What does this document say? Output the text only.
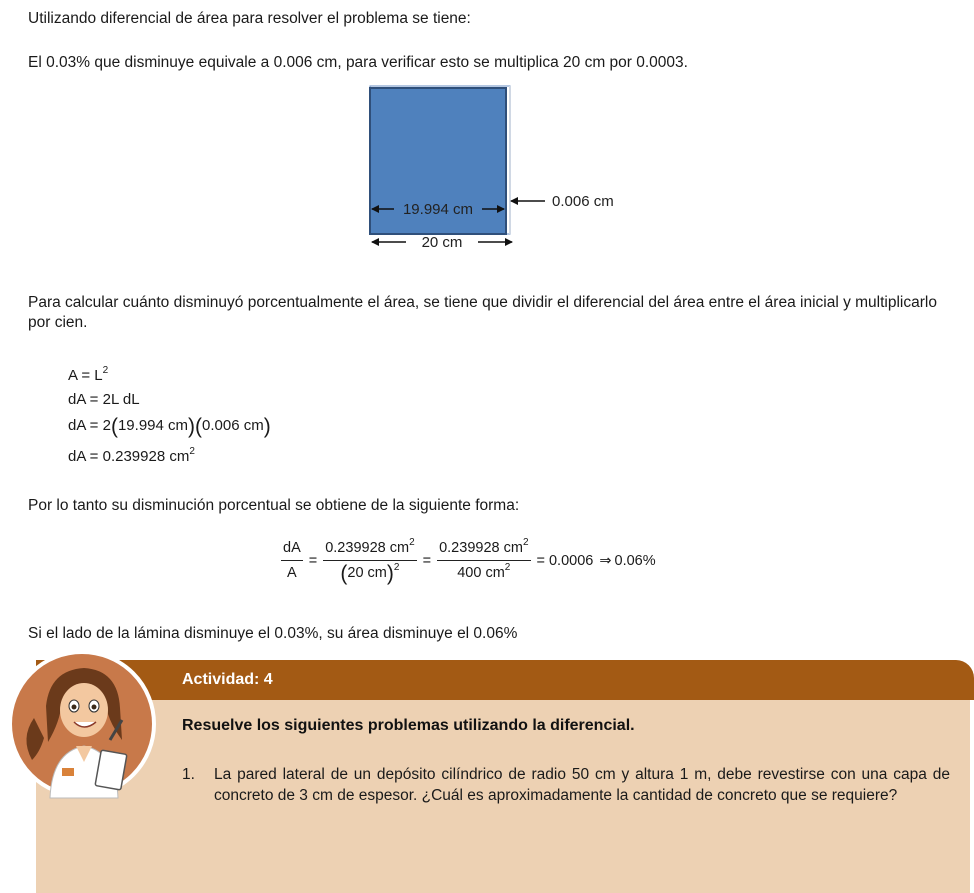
Utilizando diferencial de área para resolver el problema se tiene:

El 0.03% que disminuye equivale a 0.006 cm, para verificar esto se multiplica 20 cm por 0.0003.

19.994 cm	0.006 cm
20 cm

Para calcular cuánto disminuyó porcentualmente el área, se tiene que dividir el diferencial del área entre el área inicial y multiplicarlo por cien.

$A = L^2$
dA = 2L dL
dA = 2(19.994 cm)(0.006 cm)
dA = 0.239928 $cm^2$

Por lo tanto su disminución porcentual se obtiene de la siguiente forma:

$\frac{dA}{A} = \frac{0.239928 cm^2}{(20 cm)^2} = \frac{0.239928 cm^2}{400 cm^2} = 0.0006$ ⇒ 0.06%

Si el lado de la lámina disminuye el 0.03%, su área disminuye el 0.06%

Actividad: 4
Resuelve los siguientes problemas utilizando la diferencial.
1.	La pared lateral de un depósito cilíndrico de radio 50 cm y altura 1 m, debe revestirse con una capa de concreto de 3 cm de espesor. ¿Cuál es aproximadamente la cantidad de concreto que se requiere?
